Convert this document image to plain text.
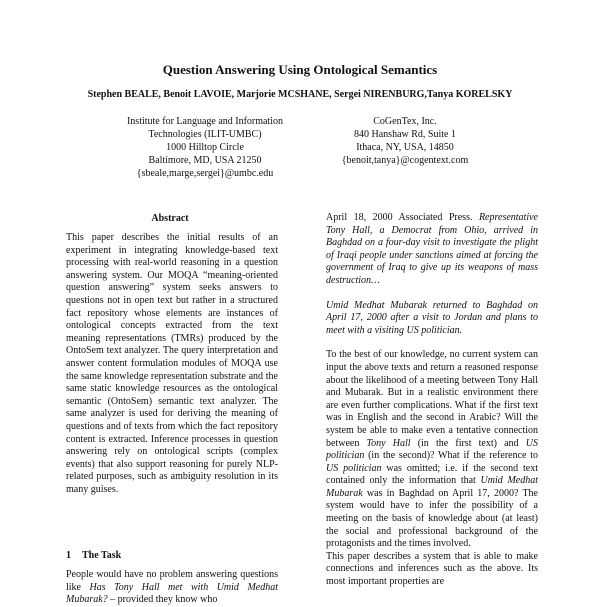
Question Answering Using Ontological Semantics
Stephen BEALE, Benoit LAVOIE, Marjorie MCSHANE, Sergei NIRENBURG,Tanya KORELSKY
Institute for Language and Information
Technologies (ILIT-UMBC)
1000 Hilltop Circle
Baltimore, MD, USA 21250
{sbeale,marge,sergei}@umbc.edu
CoGenTex, Inc.
840 Hanshaw Rd, Suite 1
Ithaca, NY, USA, 14850
{benoit,tanya}@cogentext.com
Abstract

This paper describes the initial results of an experiment in integrating knowledge-based text processing with real-world reasoning in a question answering system. Our MOQA “meaning-oriented question answering” system seeks answers to questions not in open text but rather in a structured fact repository whose elements are instances of ontological concepts extracted from the text meaning representations (TMRs) produced by the OntoSem text analyzer. The query interpretation and answer content formulation modules of MOQA use the same knowledge representation substrate and the same static knowledge resources as the ontological semantic (OntoSem) semantic text analyzer. The same analyzer is used for deriving the meaning of questions and of texts from which the fact repository content is extracted. Inference processes in question answering rely on ontological scripts (complex events) that also support reasoning for purely NLP-related purposes, such as ambiguity resolution in its many guises.

1 The Task

People would have no problem answering questions like Has Tony Hall met with Umid Medhat Mubarak? – provided they know who

April 18, 2000 Associated Press. Representative Tony Hall, a Democrat from Ohio, arrived in Baghdad on a four-day visit to investigate the plight of Iraqi people under sanctions aimed at forcing the government of Iraq to give up its weapons of mass destruction…

Umid Medhat Mubarak returned to Baghdad on April 17, 2000 after a visit to Jordan and plans to meet with a visiting US politician.

To the best of our knowledge, no current system can input the above texts and return a reasoned response about the likelihood of a meeting between Tony Hall and Mubarak. But in a realistic environment there are even further complications. What if the first text was in English and the second in Arabic? Will the system be able to make even a tentative connection between Tony Hall (in the first text) and US politician (in the second)? What if the reference to US politician was omitted; i.e. if the second text contained only the information that Umid Medhat Mubarak was in Baghdad on April 17, 2000? The system would have to infer the possibility of a meeting on the basis of knowledge about (at least) the social and professional background of the protagonists and the times involved.

This paper describes a system that is able to make connections and inferences such as the above. Its most important properties are
